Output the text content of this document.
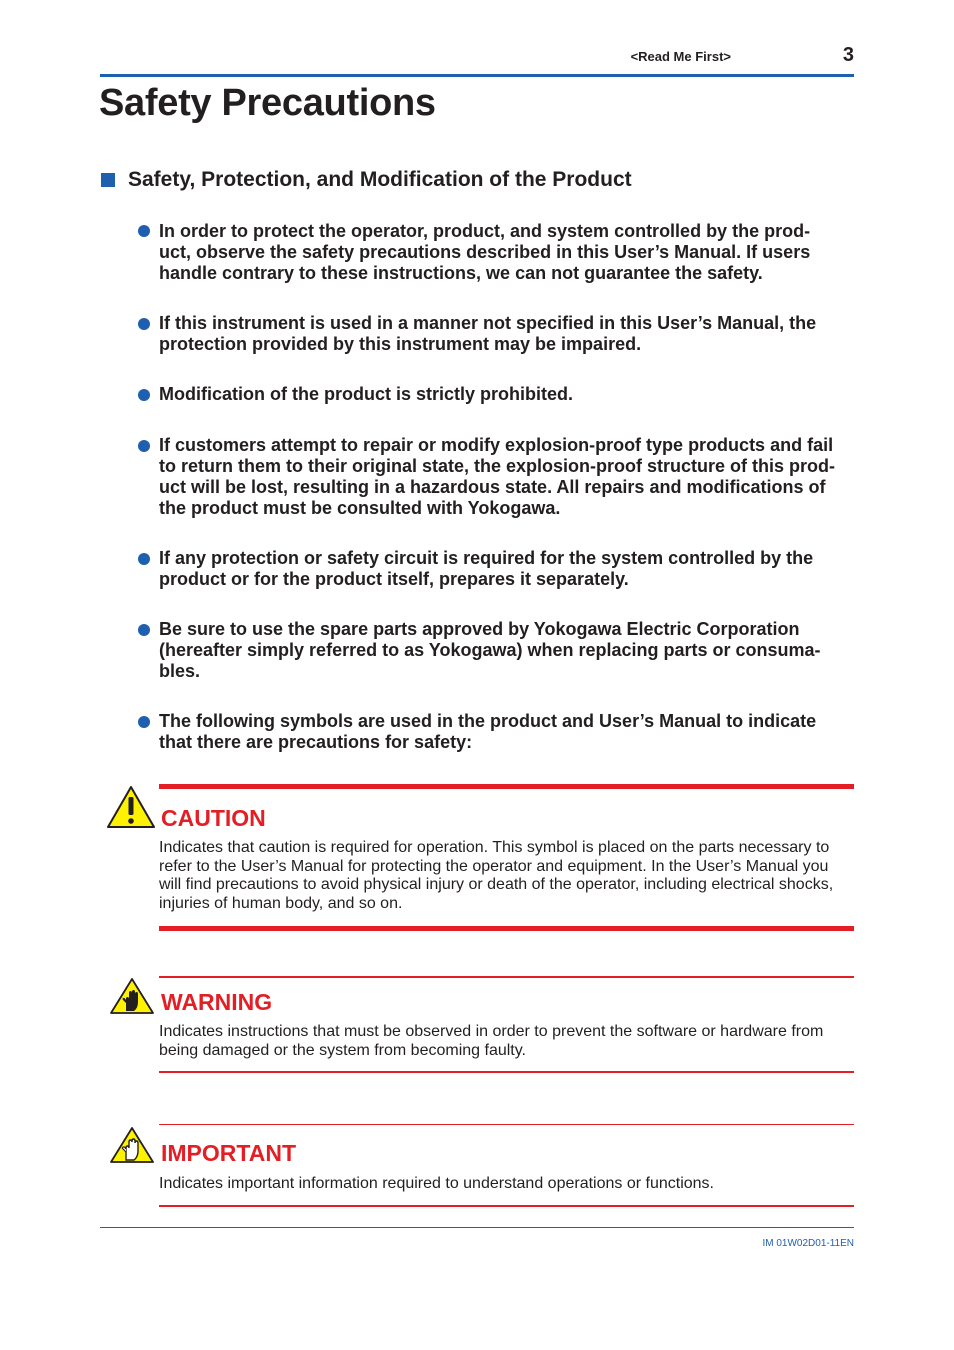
<Read Me First>	3
Safety Precautions
Safety, Protection, and Modification of the Product
In order to protect the operator, product, and system controlled by the prod-
uct, observe the safety precautions described in this User’s Manual. If users
handle contrary to these instructions, we can not guarantee the safety.
If this instrument is used in a manner not specified in this User’s Manual, the
protection provided by this instrument may be impaired.
Modification of the product is strictly prohibited.
If customers attempt to repair or modify explosion-proof type products and fail
to return them to their original state, the explosion-proof structure of this prod-
uct will be lost, resulting in a hazardous state. All repairs and modifications of
the product must be consulted with Yokogawa.
If any protection or safety circuit is required for the system controlled by the
product or for the product itself, prepares it separately.
Be sure to use the spare parts approved by Yokogawa Electric Corporation
(hereafter simply referred to as Yokogawa) when replacing parts or consuma-
bles.
The following symbols are used in the product and User’s Manual to indicate
that there are precautions for safety:
CAUTION
Indicates that caution is required for operation. This symbol is placed on the parts necessary to
refer to the User’s Manual for protecting the operator and equipment. In the User’s Manual you
will find precautions to avoid physical injury or death of the operator, including electrical shocks,
injuries of human body, and so on.
WARNING
Indicates instructions that must be observed in order to prevent the software or hardware from
being damaged or the system from becoming faulty.
IMPORTANT
Indicates important information required to understand operations or functions.
IM 01W02D01-11EN
